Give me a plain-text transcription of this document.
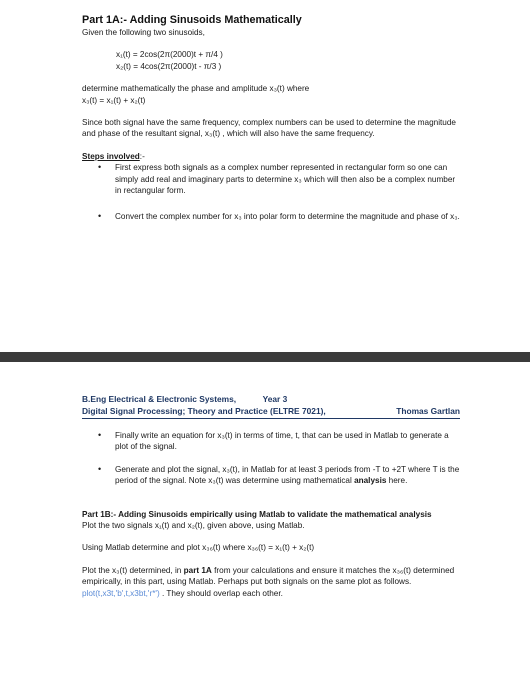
Part 1A:- Adding Sinusoids Mathematically

Given the following two sinusoids,

x₁(t) = 2cos(2π(2000)t + π/4 )

x₂(t) = 4cos(2π(2000)t - π/3 )

determine mathematically the phase and amplitude x₃(t) where

x₃(t) = x₁(t) + x₂(t)

Since both signal have the same frequency, complex numbers can be used to determine the magnitude and phase of the resultant signal, x₃(t) , which will also have the same frequency.

Steps involved:-

• First express both signals as a complex number represented in rectangular form so one can simply add real and imaginary parts to determine x₃ which will then also be a complex number in rectangular form.
• Convert the complex number for x₃ into polar form to determine the magnitude and phase of x₃.
B.Eng Electrical & Electronic Systems,	Year 3
Digital Signal Processing; Theory and Practice (ELTRE 7021),	Thomas Gartlan

• Finally write an equation for x₃(t) in terms of time, t, that can be used in Matlab to generate a plot of the signal.
• Generate and plot the signal, x₃(t), in Matlab for at least 3 periods from -T to +2T where T is the period of the signal. Note x₃(t) was determine using mathematical analysis here.

Part 1B:- Adding Sinusoids empirically using Matlab to validate the mathematical analysis

Plot the two signals x₁(t) and x₂(t), given above, using Matlab.

Using Matlab determine and plot x₃₆(t) where x₃₆(t) = x₁(t) + x₂(t)

Plot the x₃(t) determined, in part 1A from your calculations and ensure it matches the x₃₆(t) determined empirically, in this part, using Matlab. Perhaps put both signals on the same plot as follows. plot(t,x3t,'b',t,x3bt,'r*') . They should overlap each other.
